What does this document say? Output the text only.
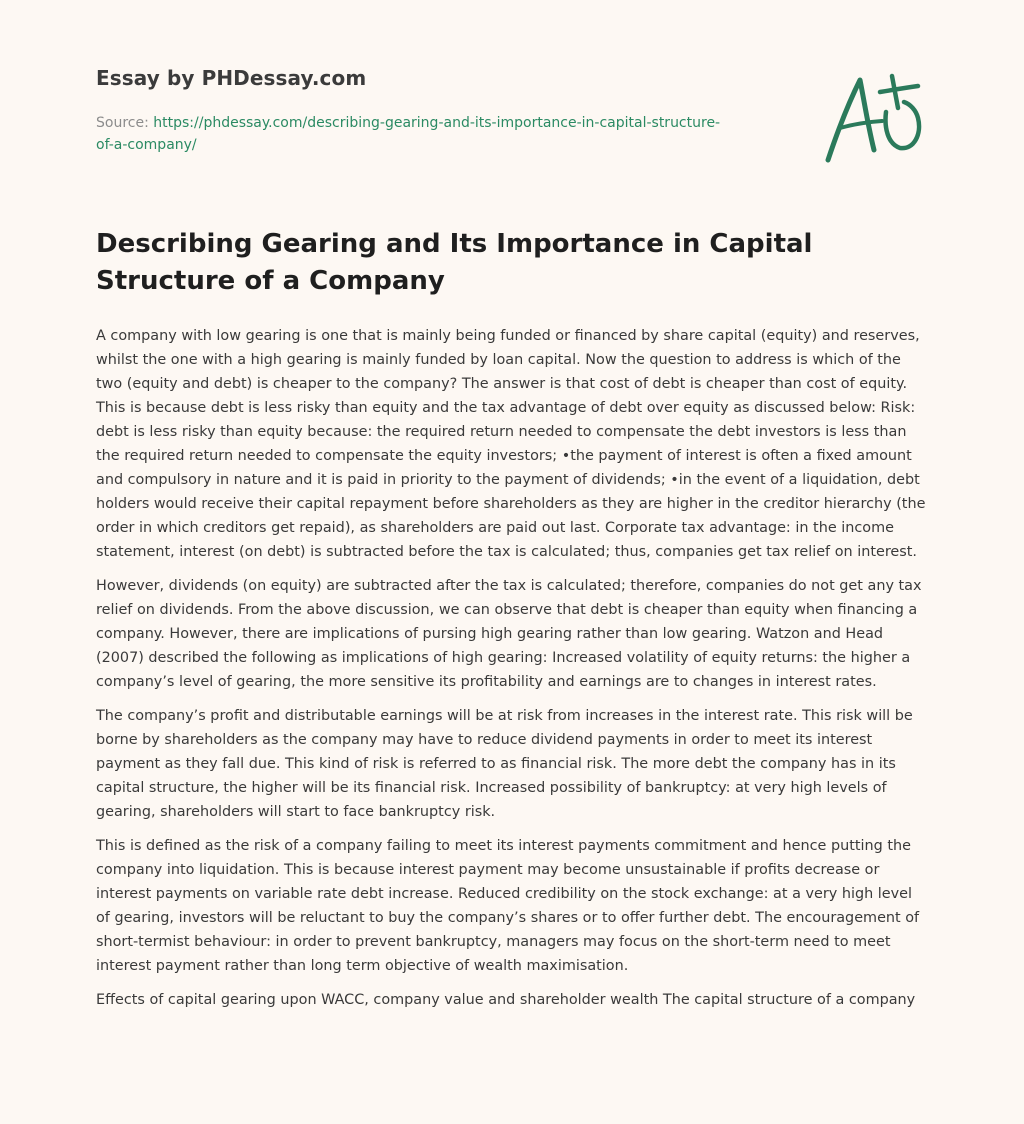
Essay by PHDessay.com
Source: https://phdessay.com/describing-gearing-and-its-importance-in-capital-structure-of-a-company/
Describing Gearing and Its Importance in Capital Structure of a Company

A company with low gearing is one that is mainly being funded or financed by share capital (equity) and reserves, whilst the one with a high gearing is mainly funded by loan capital. Now the question to address is which of the two (equity and debt) is cheaper to the company? The answer is that cost of debt is cheaper than cost of equity. This is because debt is less risky than equity and the tax advantage of debt over equity as discussed below: Risk: debt is less risky than equity because: the required return needed to compensate the debt investors is less than the required return needed to compensate the equity investors; •the payment of interest is often a fixed amount and compulsory in nature and it is paid in priority to the payment of dividends; •in the event of a liquidation, debt holders would receive their capital repayment before shareholders as they are higher in the creditor hierarchy (the order in which creditors get repaid), as shareholders are paid out last. Corporate tax advantage: in the income statement, interest (on debt) is subtracted before the tax is calculated; thus, companies get tax relief on interest.

However, dividends (on equity) are subtracted after the tax is calculated; therefore, companies do not get any tax relief on dividends. From the above discussion, we can observe that debt is cheaper than equity when financing a company. However, there are implications of pursing high gearing rather than low gearing. Watzon and Head (2007) described the following as implications of high gearing: Increased volatility of equity returns: the higher a company’s level of gearing, the more sensitive its profitability and earnings are to changes in interest rates.

The company’s profit and distributable earnings will be at risk from increases in the interest rate. This risk will be borne by shareholders as the company may have to reduce dividend payments in order to meet its interest payment as they fall due. This kind of risk is referred to as financial risk. The more debt the company has in its capital structure, the higher will be its financial risk. Increased possibility of bankruptcy: at very high levels of gearing, shareholders will start to face bankruptcy risk.

This is defined as the risk of a company failing to meet its interest payments commitment and hence putting the company into liquidation. This is because interest payment may become unsustainable if profits decrease or interest payments on variable rate debt increase. Reduced credibility on the stock exchange: at a very high level of gearing, investors will be reluctant to buy the company’s shares or to offer further debt. The encouragement of short-termist behaviour: in order to prevent bankruptcy, managers may focus on the short-term need to meet interest payment rather than long term objective of wealth maximisation.

Effects of capital gearing upon WACC, company value and shareholder wealth The capital structure of a company
